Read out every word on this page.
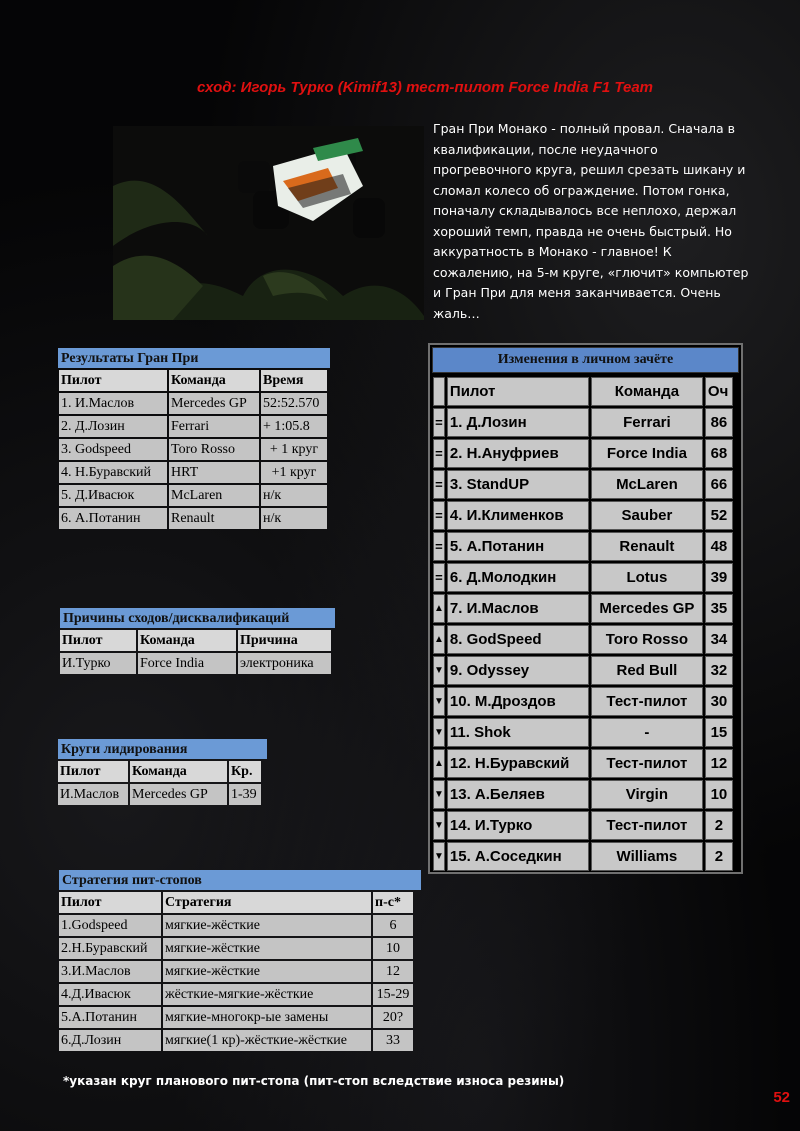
сход: Игорь Турко (Kimif13) тест-пилот Force India F1 Team
Гран При Монако - полный провал. Сначала в квалификации, после неудачного прогревочного круга, решил срезать шикану и сломал колесо об ограждение. Потом гонка, поначалу складывалось все неплохо, держал хороший темп, правда не очень быстрый. Но аккуратность в Монако - главное! К сожалению, на 5-м круге, «глючит» компьютер и Гран При для меня заканчивается. Очень жаль…
Результаты Гран При
Пилот	Команда	Время
1. И.Маслов	Mercedes GP	52:52.570
2. Д.Лозин	Ferrari	+ 1:05.8
3. Godspeed	Toro Rosso	+ 1 круг
4. Н.Буравский	HRT	+1 круг
5. Д.Ивасюк	McLaren	н/к
6. А.Потанин	Renault	н/к
Причины сходов/дисквалификаций
Пилот	Команда	Причина
И.Турко	Force India	электроника
Круги лидирования
Пилот	Команда	Кр.
И.Маслов	Mercedes GP	1-39
Стратегия пит-стопов
Пилот	Стратегия	п-с*
1.Godspeed	мягкие-жёсткие	6
2.Н.Буравский	мягкие-жёсткие	10
3.И.Маслов	мягкие-жёсткие	12
4.Д.Ивасюк	жёсткие-мягкие-жёсткие	15-29
5.А.Потанин	мягкие-многокр-ые замены	20?
6.Д.Лозин	мягкие(1 кр)-жёсткие-жёсткие	33
Изменения в личном зачёте
	Пилот	Команда	Оч
=	1. Д.Лозин	Ferrari	86
=	2. Н.Ануфриев	Force India	68
=	3. StandUP	McLaren	66
=	4. И.Клименков	Sauber	52
=	5. А.Потанин	Renault	48
=	6. Д.Молодкин	Lotus	39
▲	7. И.Маслов	Mercedes GP	35
▲	8. GodSpeed	Toro Rosso	34
▼	9. Odyssey	Red Bull	32
▼	10. М.Дроздов	Тест-пилот	30
▼	11. Shok	-	15
▲	12. Н.Буравский	Тест-пилот	12
▼	13. А.Беляев	Virgin	10
▼	14. И.Турко	Тест-пилот	2
▼	15. А.Соседкин	Williams	2
*указан круг планового пит-стопа (пит-стоп вследствие износа резины)
52
